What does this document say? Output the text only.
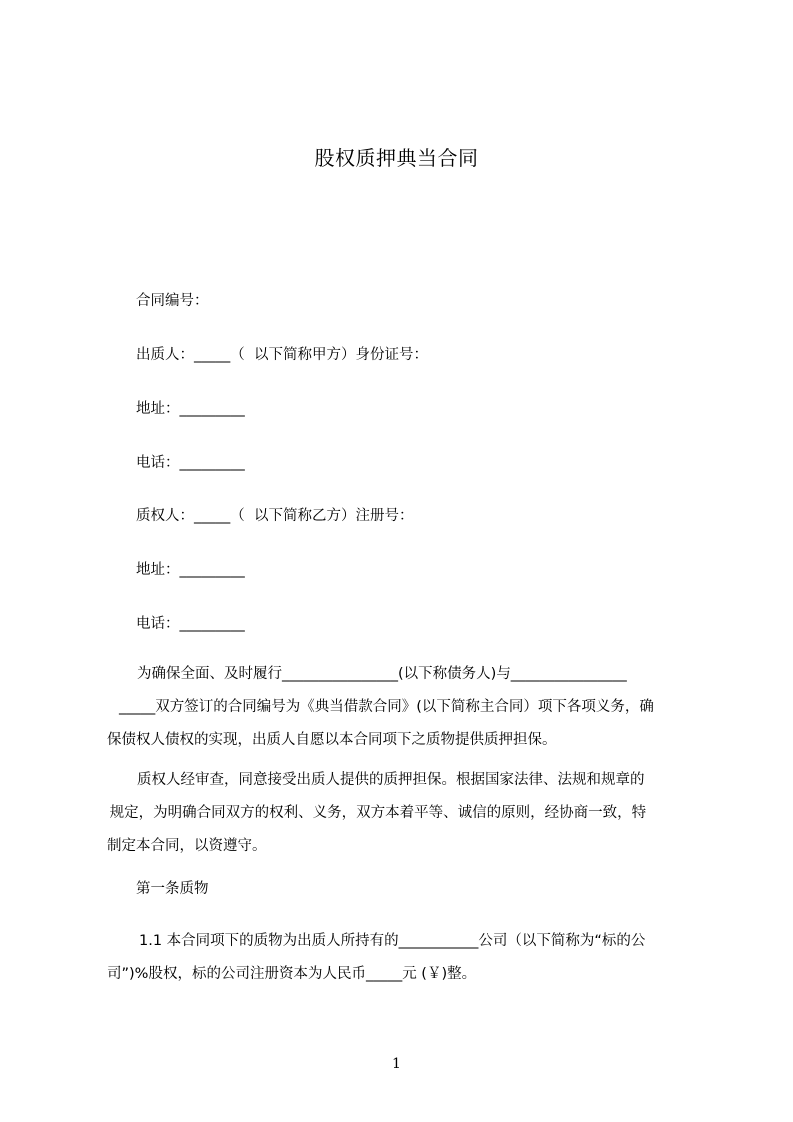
股权质押典当合同
合同编号：
出质人：_____（  以下简称甲方）身份证号：
地址：_________
电话：_________
质权人：_____（  以下简称乙方）注册号：
地址：_________
电话：_________
为确保全面、及时履行________________(以下称债务人)与________________
_____双方签订的合同编号为《典当借款合同》(以下简称主合同）项下各项义务，确
保债权人债权的实现，出质人自愿以本合同项下之质物提供质押担保。
质权人经审查，同意接受出质人提供的质押担保。根据国家法律、法规和规章的
规定，为明确合同双方的权利、义务，双方本着平等、诚信的原则，经协商一致，特
制定本合同，以资遵守。
第一条质物
1.1 本合同项下的质物为出质人所持有的___________公司（以下简称为“标的公
司”)%股权，标的公司注册资本为人民币_____元 (￥)整。
1
